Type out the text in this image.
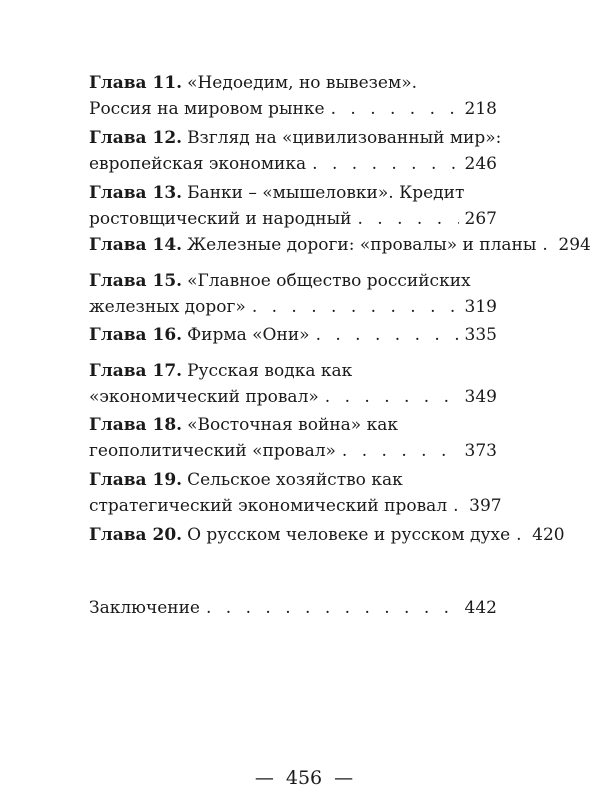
Глава 11. «Недоедим, но вывезем».
Россия на мировом рынке . . .	218
Глава 12. Взгляд на «цивилизованный мир»:
европейская экономика . . .	246
Глава 13. Банки – «мышеловки». Кредит
ростовщический и народный . . .	267
Глава 14. Железные дороги: «провалы» и планы . . . 294
Глава 15. «Главное общество российских
железных дорог» . . .	319
Глава 16. Фирма «Они» . . .	335
Глава 17. Русская водка как
«экономический провал» . . .	349
Глава 18. «Восточная война» как
геополитический «провал» . . .	373
Глава 19. Сельское хозяйство как
стратегический экономический провал . . . 397
Глава 20. О русском человеке и русском духе . . . 420
Заключение . . .	442
— 456 —
